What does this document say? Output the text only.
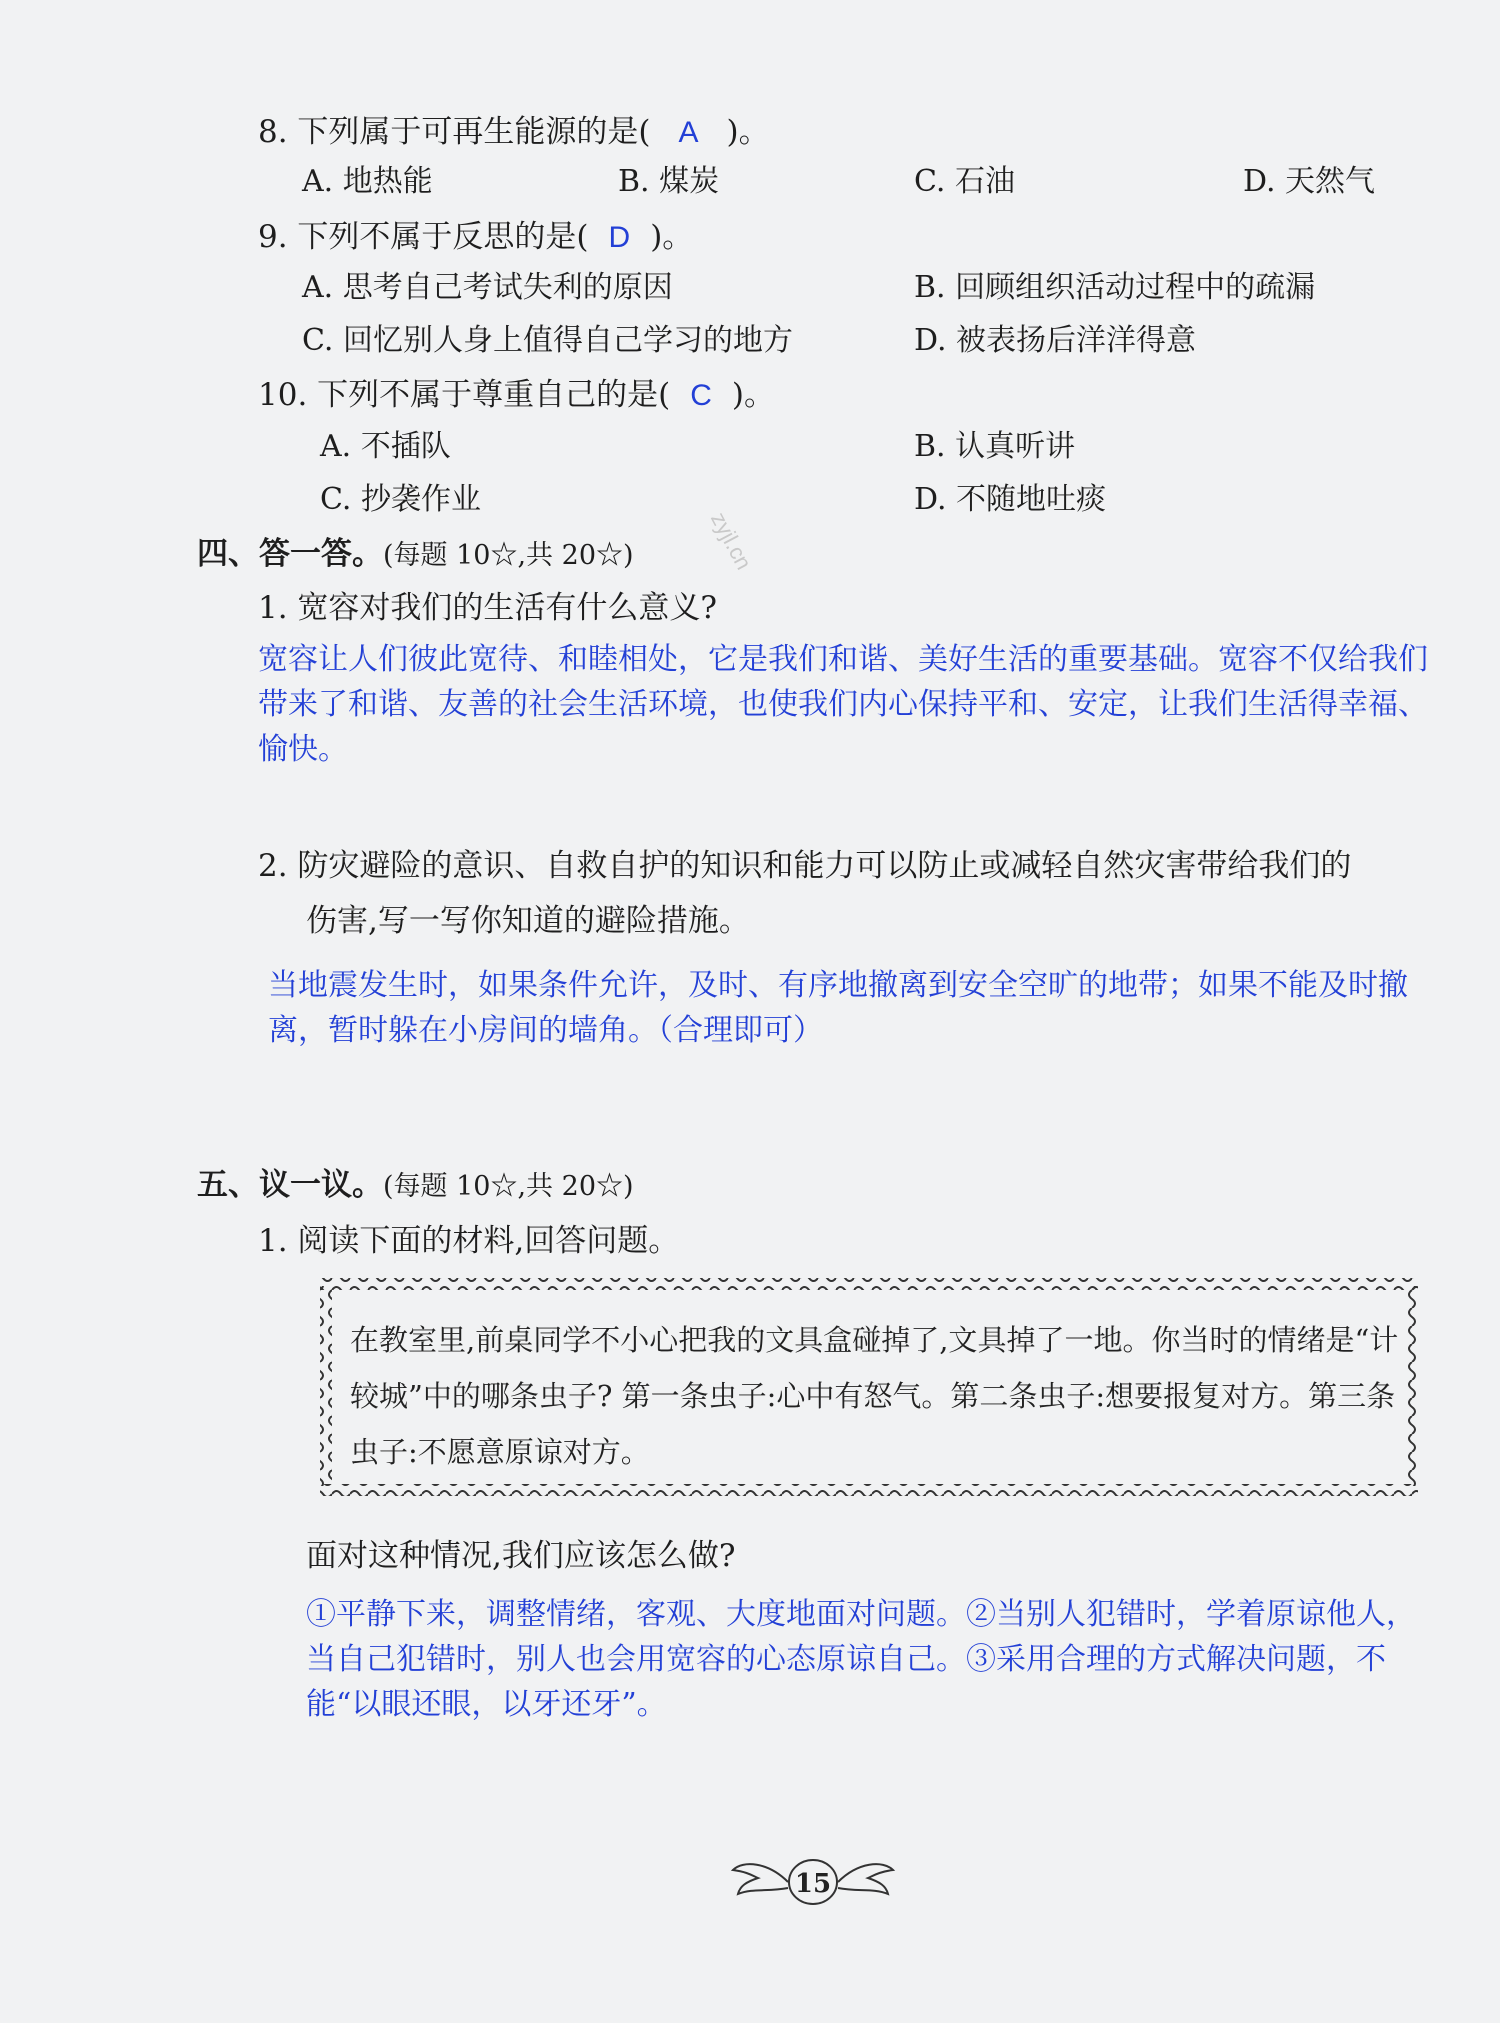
8. 下列属于可再生能源的是( A )。
A. 地热能	B. 煤炭	C. 石油	D. 天然气
9. 下列不属于反思的是( D )。
A. 思考自己考试失利的原因	B. 回顾组织活动过程中的疏漏
C. 回忆别人身上值得自己学习的地方	D. 被表扬后洋洋得意
10. 下列不属于尊重自己的是( C )。
A. 不插队	B. 认真听讲
C. 抄袭作业	D. 不随地吐痰
zyjl.cn
四、答一答。(每题 10☆,共 20☆)
1. 宽容对我们的生活有什么意义?
宽容让人们彼此宽待、和睦相处，它是我们和谐、美好生活的重要基础。宽容不仅给我们带来了和谐、友善的社会生活环境，也使我们内心保持平和、安定，让我们生活得幸福、愉快。
2. 防灾避险的意识、自救自护的知识和能力可以防止或减轻自然灾害带给我们的
伤害,写一写你知道的避险措施。
当地震发生时，如果条件允许，及时、有序地撤离到安全空旷的地带；如果不能及时撤离，暂时躲在小房间的墙角。（合理即可）
五、议一议。(每题 10☆,共 20☆)
1. 阅读下面的材料,回答问题。
在教室里,前桌同学不小心把我的文具盒碰掉了,文具掉了一地。你当时的情绪是“计较城”中的哪条虫子? 第一条虫子:心中有怒气。第二条虫子:想要报复对方。第三条虫子:不愿意原谅对方。
面对这种情况,我们应该怎么做?
①平静下来，调整情绪，客观、大度地面对问题。②当别人犯错时，学着原谅他人，当自己犯错时，别人也会用宽容的心态原谅自己。③采用合理的方式解决问题，不能“以眼还眼，以牙还牙”。
15
